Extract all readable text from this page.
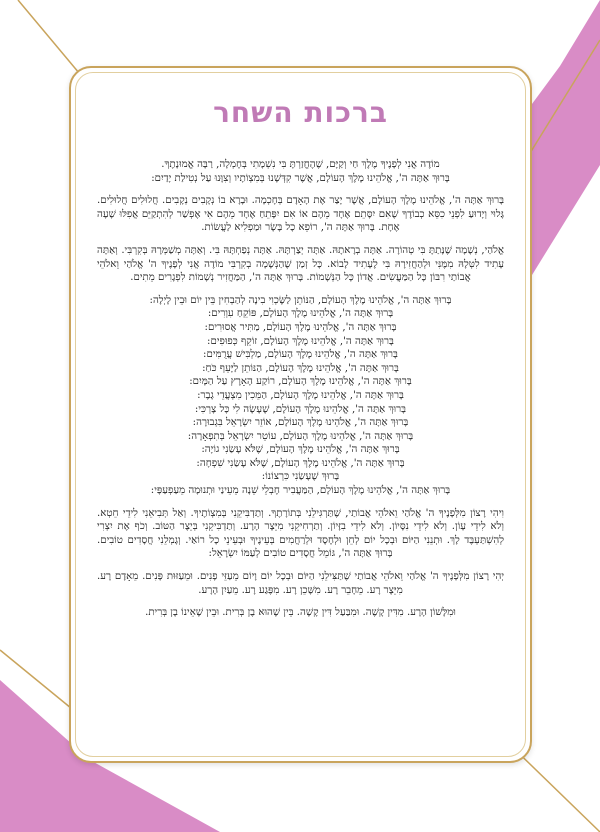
ברכות השחר
מוֹדֶה אֲנִי לְפָנֶיךָ מֶלֶךְ חַי וְקַיָּם, שֶׁהֶחֱזַרְתָּ בִּי נִשְׁמָתִי בְּחֶמְלָה, רַבָּה אֱמוּנָתֶךָ.
בָּרוּךְ אַתָּה ה', אֱלֹהֵינוּ מֶלֶךְ הָעוֹלָם, אֲשֶׁר קִדְּשָׁנוּ בְּמִצְוֹתָיו וְצִוָּנוּ עַל נְטִילַת יָדַיִם:
בָּרוּךְ אַתָּה ה', אֱלֹהֵינוּ מֶלֶךְ הָעוֹלָם, אֲשֶׁר יָצַר אֶת הָאָדָם בְּחָכְמָה. וּבָרָא בוֹ נְקָבִים נְקָבִים. חֲלוּלִים חֲלוּלִים. גָּלוּי וְיָדוּעַ לִפְנֵי כִסֵּא כְבוֹדֶךָ שֶׁאִם יִסָּתֵם אֶחָד מֵהֶם אוֹ אִם יִפָּתֵחַ אֶחָד מֵהֶם אִי אֶפְשַׁר לְהִתְקַיֵּם אֲפִלּוּ שָׁעָה אֶחָת. בָּרוּךְ אַתָּה ה', רוֹפֵא כָל בָּשָׂר וּמַפְלִיא לַעֲשׂוֹת.
אֱלֹהַי, נְשָׁמָה שֶׁנָּתַתָּ בִּי טְהוֹרָה. אַתָּה בְרָאתָהּ. אַתָּה יְצַרְתָּהּ. אַתָּה נְפַחְתָּהּ בִּי. וְאַתָּה מְשַׁמְּרָהּ בְּקִרְבִּי. וְאַתָּה עָתִיד לִטְּלָהּ מִמֶּנִּי וּלְהַחֲזִירָהּ בִּי לֶעָתִיד לָבוֹא. כָּל זְמַן שֶׁהַנְּשָׁמָה בְקִרְבִּי מוֹדֶה אֲנִי לְפָנֶיךָ ה' אֱלֹהַי וֵאלֹהֵי אֲבוֹתַי רִבּוֹן כָּל הַמַּעֲשִׂים. אֲדוֹן כָּל הַנְּשָׁמוֹת. בָּרוּךְ אַתָּה ה', הַמַּחֲזִיר נְשָׁמוֹת לִפְגָרִים מֵתִים.
בָּרוּךְ אַתָּה ה', אֱלֹהֵינוּ מֶלֶךְ הָעוֹלָם, הַנּוֹתֵן לַשֶּׂכְוִי בִינָה לְהַבְחִין בֵּין יוֹם וּבֵין לָיְלָה:
בָּרוּךְ אַתָּה ה', אֱלֹהֵינוּ מֶלֶךְ הָעוֹלָם, פּוֹקֵחַ עִוְרִים:
בָּרוּךְ אַתָּה ה', אֱלֹהֵינוּ מֶלֶךְ הָעוֹלָם, מַתִּיר אֲסוּרִים:
בָּרוּךְ אַתָּה ה', אֱלֹהֵינוּ מֶלֶךְ הָעוֹלָם, זוֹקֵף כְּפוּפִים:
בָּרוּךְ אַתָּה ה', אֱלֹהֵינוּ מֶלֶךְ הָעוֹלָם, מַלְבִּישׁ עֲרֻמִּים:
בָּרוּךְ אַתָּה ה', אֱלֹהֵינוּ מֶלֶךְ הָעוֹלָם, הַנּוֹתֵן לַיָּעֵף כֹּחַ:
בָּרוּךְ אַתָּה ה', אֱלֹהֵינוּ מֶלֶךְ הָעוֹלָם, רוֹקַע הָאָרֶץ עַל הַמָּיִם:
בָּרוּךְ אַתָּה ה', אֱלֹהֵינוּ מֶלֶךְ הָעוֹלָם, הַמֵּכִין מִצְעֲדֵי גָבֶר:
בָּרוּךְ אַתָּה ה', אֱלֹהֵינוּ מֶלֶךְ הָעוֹלָם, שֶׁעָשָׂה לִי כָּל צָרְכִּי:
בָּרוּךְ אַתָּה ה', אֱלֹהֵינוּ מֶלֶךְ הָעוֹלָם, אוֹזֵר יִשְׂרָאֵל בִּגְבוּרָה:
בָּרוּךְ אַתָּה ה', אֱלֹהֵינוּ מֶלֶךְ הָעוֹלָם, עוֹטֵר יִשְׂרָאֵל בְּתִפְאָרָה:
בָּרוּךְ אַתָּה ה', אֱלֹהֵינוּ מֶלֶךְ הָעוֹלָם, שֶׁלֹּא עָשַׂנִי גוֹיָה:
בָּרוּךְ אַתָּה ה', אֱלֹהֵינוּ מֶלֶךְ הָעוֹלָם, שֶׁלֹּא עָשַׂנִי שִׁפְחָה:
בָּרוּךְ שֶׁעָשַׂנִי כִּרְצוֹנוֹ:
בָּרוּךְ אַתָּה ה', אֱלֹהֵינוּ מֶלֶךְ הָעוֹלָם, הַמַּעֲבִיר חֶבְלֵי שֵׁנָה מֵעֵינַי וּתְנוּמָה מֵעַפְעַפָּי:
וִיהִי רָצוֹן מִלְּפָנֶיךָ ה' אֱלֹהַי וֵאלֹהֵי אֲבוֹתַי, שֶׁתַּרְגִּילֵנִי בְּתוֹרָתֶךָ. וְתַדְבִּיקֵנִי בְּמִצְוֹתֶיךָ. וְאַל תְּבִיאֵנִי לִידֵי חֵטְא. וְלֹא לִידֵי עָוֹן. וְלֹא לִידֵי נִסָּיוֹן. וְלֹא לִידֵי בִזָּיוֹן. וְתַרְחִיקֵנִי מִיֵּצֶר הָרָע. וְתַדְבִּיקֵנִי בְּיֵצֶר הַטּוֹב. וְכֹף אֶת יִצְרִי לְהִשְׁתַּעְבֶּד לָךְ. וּתְנֵנִי הַיּוֹם וּבְכָל יוֹם לְחֵן וּלְחֶסֶד וּלְרַחֲמִים בְּעֵינֶיךָ וּבְעֵינֵי כָל רוֹאַי. וְגָמְלֵנִי חֲסָדִים טוֹבִים. בָּרוּךְ אַתָּה ה', גּוֹמֵל חֲסָדִים טוֹבִים לְעַמּוֹ יִשְׂרָאֵל:
יְהִי רָצוֹן מִלְּפָנֶיךָ ה' אֱלֹהַי וֵאלֹהֵי אֲבוֹתַי שֶׁתַּצִּילֵנִי הַיּוֹם וּבְכָל יוֹם וָיוֹם מֵעַזֵּי פָנִים. וּמֵעַזּוּת פָּנִים. מֵאָדָם רָע. מִיֵּצֶר רָע. מֵחָבֵר רָע. מִשָּׁכֵן רָע. מִפֶּגַע רָע. מֵעַיִן הָרָע.
וּמִלָּשׁוֹן הָרָע. מִדִּין קָשֶׁה. וּמִבַּעַל דִּין קָשֶׁה. בֵּין שֶׁהוּא בֶן בְּרִית. וּבֵין שֶׁאֵינוֹ בֶן בְּרִית.
